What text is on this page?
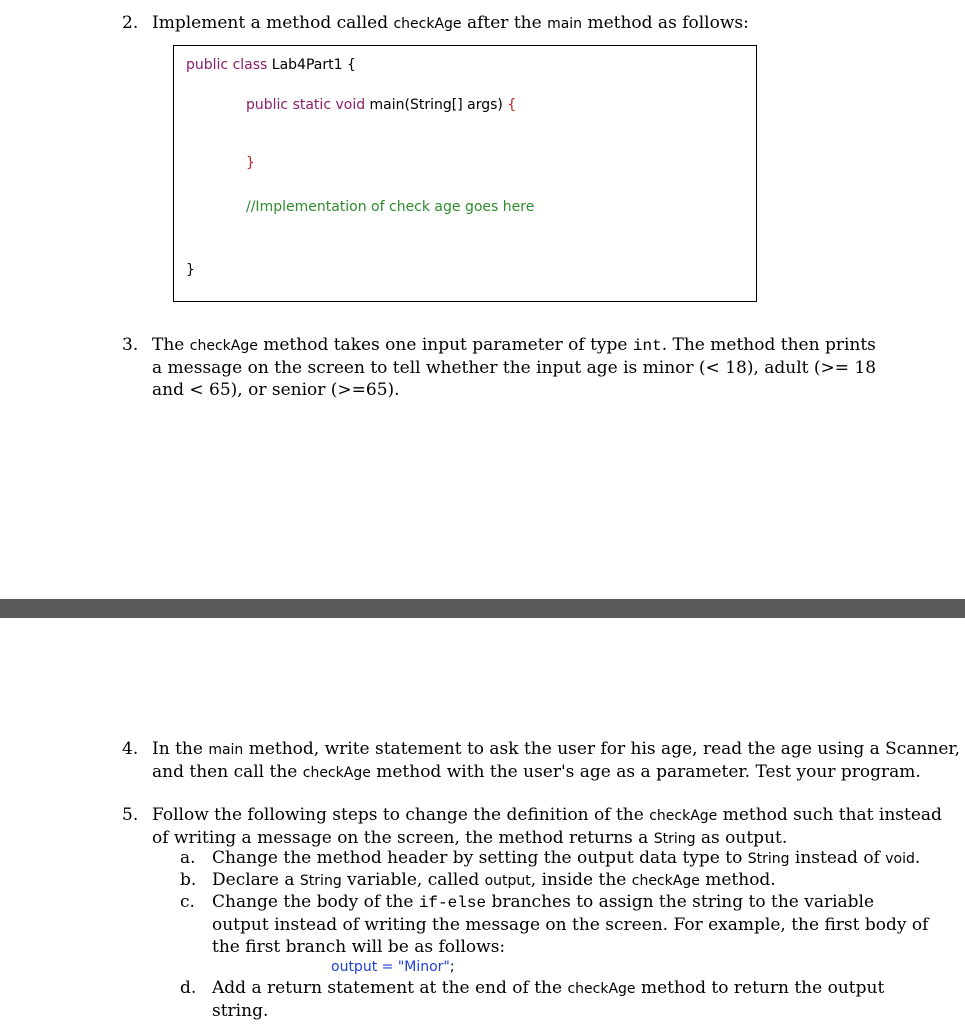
2. Implement a method called checkAge after the main method as follows:
public class Lab4Part1 {
public static void main(String[] args) {
}
//Implementation of check age goes here
}
3. The checkAge method takes one input parameter of type int. The method then prints
a message on the screen to tell whether the input age is minor (< 18), adult (>= 18
and < 65), or senior (>=65).
4. In the main method, write statement to ask the user for his age, read the age using a Scanner,
and then call the checkAge method with the user's age as a parameter. Test your program.
5. Follow the following steps to change the definition of the checkAge method such that instead
of writing a message on the screen, the method returns a String as output.
a. Change the method header by setting the output data type to String instead of void.
b. Declare a String variable, called output, inside the checkAge method.
c.	Change the body of the if-else branches to assign the string to the variable
output instead of writing the message on the screen. For example, the first body of
the first branch will be as follows:
output = "Minor";
d. Add a return statement at the end of the checkAge method to return the output
string.
